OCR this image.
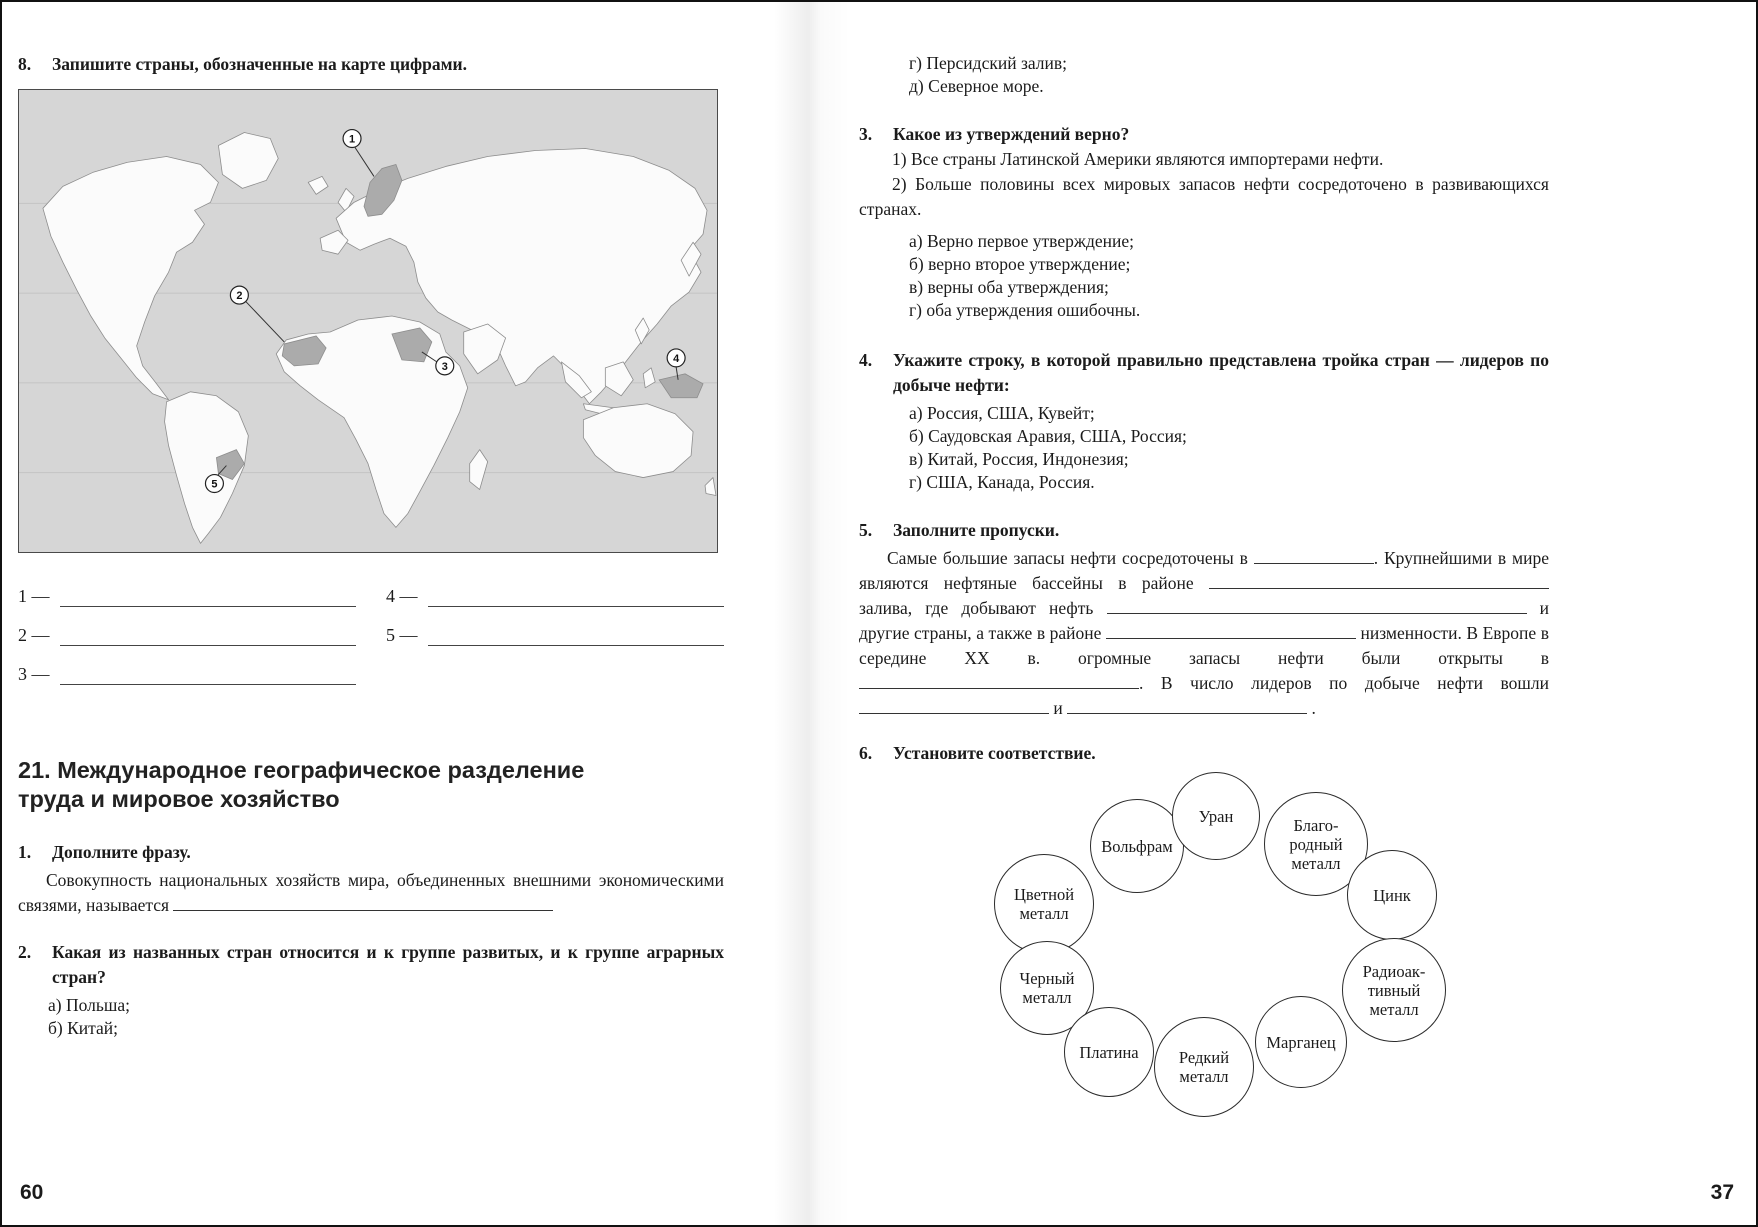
8. Запишите страны, обозначенные на карте цифрами.
1
2
3
4
5
1 —
2 —
3 —
4 —
5 —
21. Международное географическое разделение труда и мировое хозяйство
1. Дополните фразу.

Совокупность национальных хозяйств мира, объединенных внешними экономическими связями, называется

2. Какая из названных стран относится и к группе развитых, и к группе аграрных стран?
а) Польша;
б) Китай;
г) Персидский залив;
д) Северное море.
3. Какое из утверждений верно?
1) Все страны Латинской Америки являются импортерами нефти.
2) Больше половины всех мировых запасов нефти сосредоточено в развивающихся странах.
а) Верно первое утверждение;
б) верно второе утверждение;
в) верны оба утверждения;
г) оба утверждения ошибочны.
4. Укажите строку, в которой правильно представлена тройка стран — лидеров по добыче нефти:
а) Россия, США, Кувейт;
б) Саудовская Аравия, США, Россия;
в) Китай, Россия, Индонезия;
г) США, Канада, Россия.
5. Заполните пропуски.

Самые большие запасы нефти сосредоточены в	. Крупнейшими в мире являются нефтяные бассейны в районе  залива, где добывают нефть	и другие страны, а также в районе	низменности. В Европе в середине XX в. огромные запасы нефти были открыты в . В число лидеров по добыче нефти вошли  и	.

6. Установите соответствие.
Вольфрам
Уран	Благо-
родный
металл
Цветной
металл
Цинк
Черный
металл
Радиоак-
тивный
металл
Платина Редкий
металл
Марганец
60	37
